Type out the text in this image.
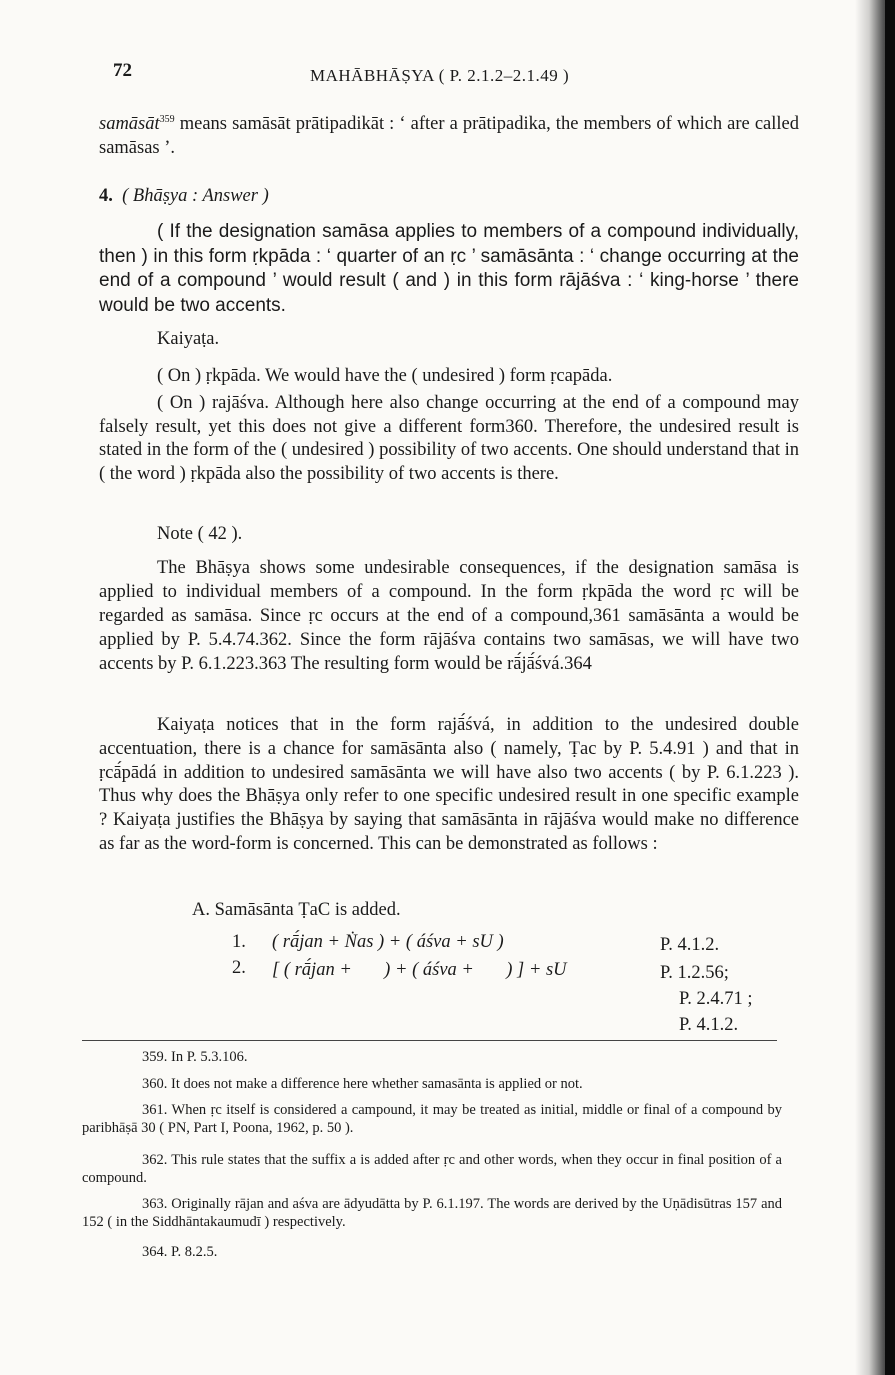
72	MAHĀBHĀṢYA ( P. 2.1.2–2.1.49 )
samāsāt$^{359}$ means samāsāt prātipadikāt : ‘ after a prātipadika, the members of which are called samāsas ’.
4. ( Bhāṣya : Answer )

( If the designation samāsa applies to members of a compound individually, then ) in this form ṛkpāda : ‘ quarter of an ṛc ’ samāsānta : ‘ change occurring at the end of a compound ’ would result ( and ) in this form rājāśva : ‘ king-horse ’ there would be two accents.

Kaiyaṭa.

( On ) ṛkpāda. We would have the ( undesired ) form ṛcapāda.

( On ) rajāśva. Although here also change occurring at the end of a compound may falsely result, yet this does not give a different form360. Therefore, the undesired result is stated in the form of the ( undesired ) possibility of two accents. One should understand that in ( the word ) ṛkpāda also the possibility of two accents is there.

Note ( 42 ).

The Bhāṣya shows some undesirable consequences, if the designation samāsa is applied to individual members of a compound. In the form ṛkpāda the word ṛc will be regarded as samāsa. Since ṛc occurs at the end of a compound,361 samāsānta a would be applied by P. 5.4.74.362. Since the form rājāśva contains two samāsas, we will have two accents by P. 6.1.223.363 The resulting form would be rā́jā́śvá.364

Kaiyaṭa notices that in the form rajā́śvá, in addition to the undesired double accentuation, there is a chance for samāsānta also ( namely, Ṭac by P. 5.4.91 ) and that in ṛcā́pādá in addition to undesired samāsānta we will have also two accents ( by P. 6.1.223 ). Thus why does the Bhāṣya only refer to one specific undesired result in one specific example ? Kaiyaṭa justifies the Bhāṣya by saying that samāsānta in rājāśva would make no difference as far as the word-form is concerned. This can be demonstrated as follows :

A. Samāsānta ṬaC is added.
1. ( rā́jan + Ṅas ) + ( áśva + sU )	P. 4.1.2.
2. [ ( rā́jan +       ) + ( áśva +       ) ] + sU	P. 1.2.56;
P. 2.4.71 ;
P. 4.1.2.

359. In P. 5.3.106.

360. It does not make a difference here whether samasānta is applied or not.

361. When ṛc itself is considered a campound, it may be treated as initial, middle or final of a compound by paribhāṣā 30 ( PN, Part I, Poona, 1962, p. 50 ).

362. This rule states that the suffix a is added after ṛc and other words, when they occur in final position of a compound.

363. Originally rājan and aśva are ādyudātta by P. 6.1.197. The words are derived by the Uṇādisūtras 157 and 152 ( in the Siddhāntakaumudī ) respectively.

364. P. 8.2.5.
